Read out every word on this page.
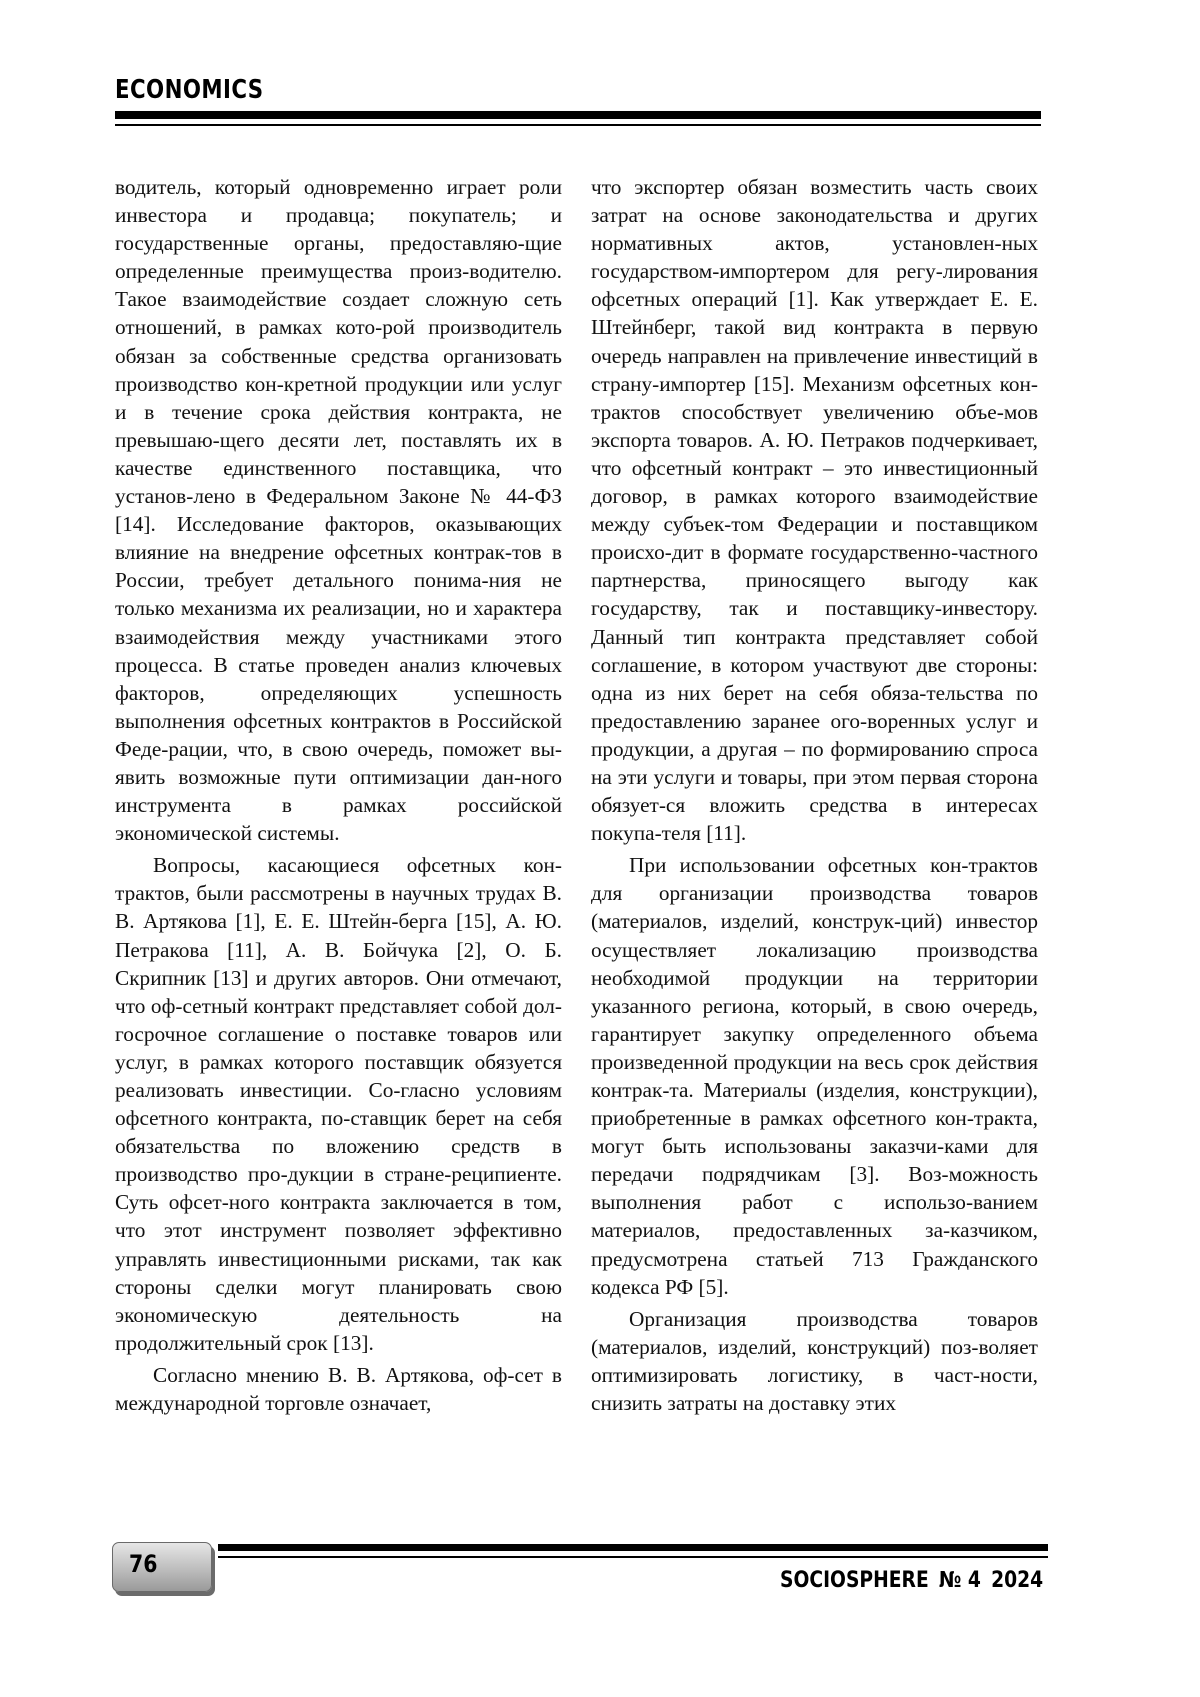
ECONOMICS

водитель, который одновременно играет роли инвестора и продавца; покупатель; и государственные органы, предоставляю-щие определенные преимущества произ-водителю. Такое взаимодействие создает сложную сеть отношений, в рамках кото-рой производитель обязан за собственные средства организовать производство кон-кретной продукции или услуг и в течение срока действия контракта, не превышаю-щего десяти лет, поставлять их в качестве единственного поставщика, что установ-лено в Федеральном Законе № 44-ФЗ [14]. Исследование факторов, оказывающих влияние на внедрение офсетных контрак-тов в России, требует детального понима-ния не только механизма их реализации, но и характера взаимодействия между участниками этого процесса. В статье проведен анализ ключевых факторов, определяющих успешность выполнения офсетных контрактов в Российской Феде-рации, что, в свою очередь, поможет вы-явить возможные пути оптимизации дан-ного инструмента в рамках российской экономической системы.

Вопросы, касающиеся офсетных кон-трактов, были рассмотрены в научных трудах В. В. Артякова [1], Е. Е. Штейн-берга [15], А. Ю. Петракова [11], А. В. Бойчука [2], О. Б. Скрипник [13] и других авторов. Они отмечают, что оф-сетный контракт представляет собой дол-госрочное соглашение о поставке товаров или услуг, в рамках которого поставщик обязуется реализовать инвестиции. Со-гласно условиям офсетного контракта, по-ставщик берет на себя обязательства по вложению средств в производство про-дукции в стране-реципиенте. Суть офсет-ного контракта заключается в том, что этот инструмент позволяет эффективно управлять инвестиционными рисками, так как стороны сделки могут планировать свою экономическую деятельность на продолжительный срок [13].

Согласно мнению В. В. Артякова, оф-сет в международной торговле означает,

что экспортер обязан возместить часть своих затрат на основе законодательства и других нормативных актов, установлен-ных государством-импортером для регу-лирования офсетных операций [1]. Как утверждает Е. Е. Штейнберг, такой вид контракта в первую очередь направлен на привлечение инвестиций в страну-импортер [15]. Механизм офсетных кон-трактов способствует увеличению объе-мов экспорта товаров. А. Ю. Петраков подчеркивает, что офсетный контракт – это инвестиционный договор, в рамках которого взаимодействие между субъек-том Федерации и поставщиком происхо-дит в формате государственно-частного партнерства, приносящего выгоду как государству, так и поставщику-инвестору. Данный тип контракта представляет собой соглашение, в котором участвуют две стороны: одна из них берет на себя обяза-тельства по предоставлению заранее ого-воренных услуг и продукции, а другая – по формированию спроса на эти услуги и товары, при этом первая сторона обязует-ся вложить средства в интересах покупа-теля [11].

При использовании офсетных кон-трактов для организации производства товаров (материалов, изделий, конструк-ций) инвестор осуществляет локализацию производства необходимой продукции на территории указанного региона, который, в свою очередь, гарантирует закупку определенного объема произведенной продукции на весь срок действия контрак-та. Материалы (изделия, конструкции), приобретенные в рамках офсетного кон-тракта, могут быть использованы заказчи-ками для передачи подрядчикам [3]. Воз-можность выполнения работ с использо-ванием материалов, предоставленных за-казчиком, предусмотрена статьей 713 Гражданского кодекса РФ [5].

Организация производства товаров (материалов, изделий, конструкций) поз-воляет оптимизировать логистику, в част-ности, снизить затраты на доставку этих

76
SOCIOSPHERE № 4 2024
